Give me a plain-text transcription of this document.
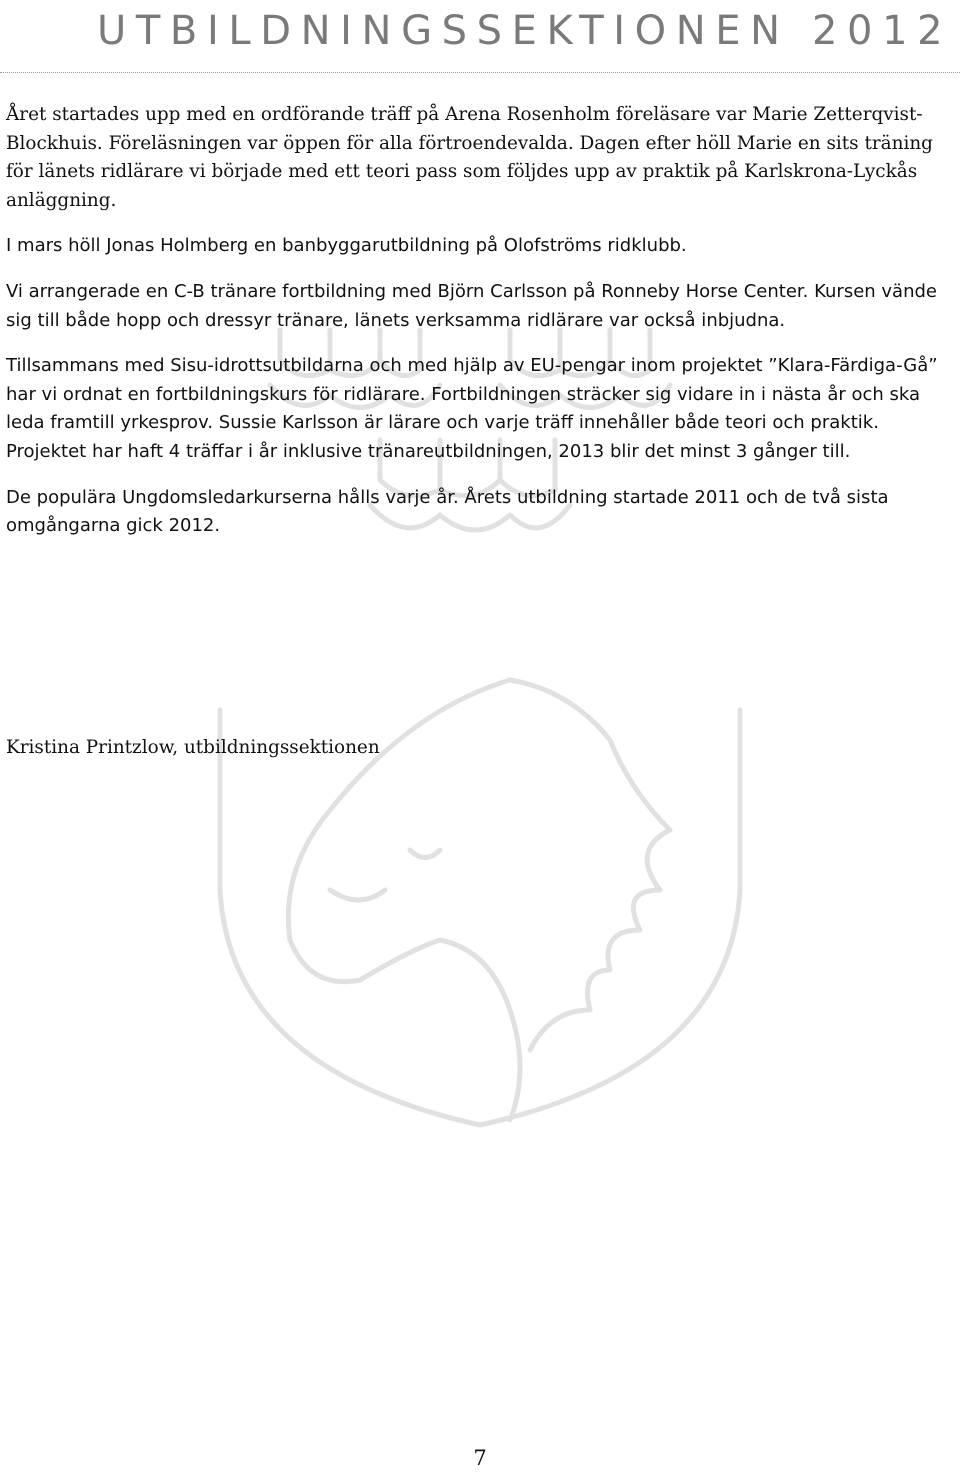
UTBILDNINGSSEKTIONEN 2012

Året startades upp med en ordförande träff på Arena Rosenholm föreläsare var Marie Zetterqvist-Blockhuis. Föreläsningen var öppen för alla förtroendevalda. Dagen efter höll Marie en sits träning för länets ridlärare vi började med ett teori pass som följdes upp av praktik på Karlskrona-Lyckås anläggning.

I mars höll Jonas Holmberg en banbyggarutbildning på Olofströms ridklubb.

Vi arrangerade en C-B tränare fortbildning med Björn Carlsson på Ronneby Horse Center. Kursen vände sig till både hopp och dressyr tränare, länets verksamma ridlärare var också inbjudna.

Tillsammans med Sisu-idrottsutbildarna och med hjälp av EU-pengar inom projektet ”Klara-Färdiga-Gå” har vi ordnat en fortbildningskurs för ridlärare. Fortbildningen sträcker sig vidare in i nästa år och ska leda framtill yrkesprov. Sussie Karlsson är lärare och varje träff innehåller både teori och praktik. Projektet har haft 4 träffar i år inklusive tränareutbildningen, 2013 blir det minst 3 gånger till.

De populära Ungdomsledarkurserna hålls varje år. Årets utbildning startade 2011 och de två sista omgångarna gick 2012.

Kristina Printzlow, utbildningssektionen

7
